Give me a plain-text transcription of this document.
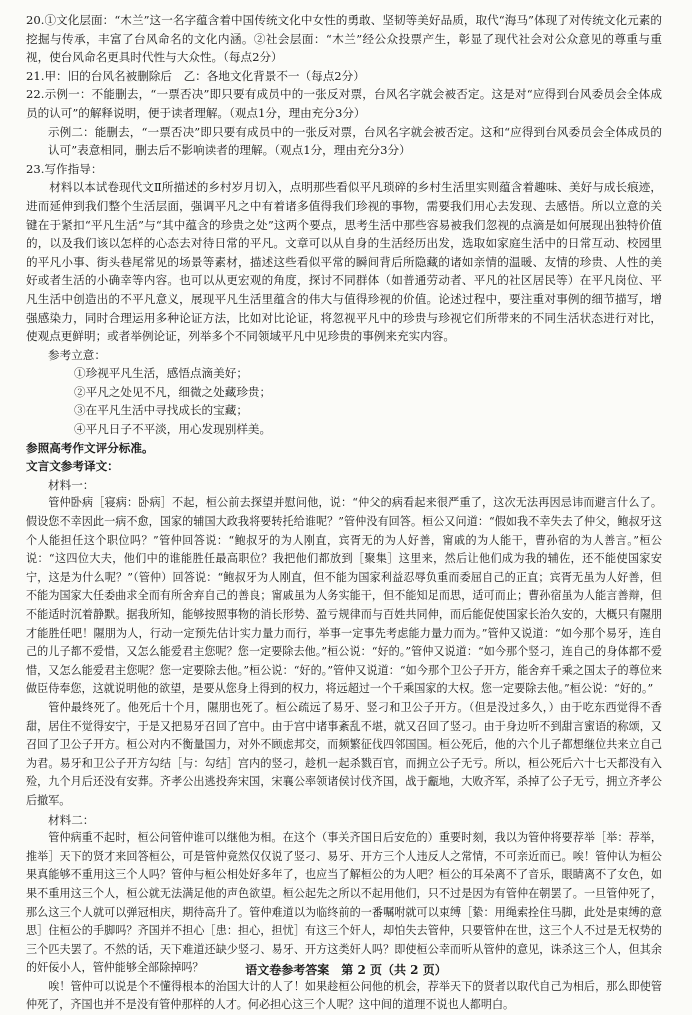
20.①文化层面：“木兰”这一名字蕴含着中国传统文化中女性的勇敢、坚韧等美好品质，取代“海马”体现了对传统文化元素的挖掘与传承，丰富了台风命名的文化内涵。②社会层面：“木兰”经公众投票产生，彰显了现代社会对公众意见的尊重与重视，使台风命名更具时代性与大众性。（每点2分）

21.甲：旧的台风名被删除后　乙：各地文化背景不一（每点2分）

22.示例一：不能删去，“一票否决”即只要有成员中的一张反对票，台风名字就会被否定。这是对“应得到台风委员会全体成员的认可”的解释说明，便于读者理解。（观点1分，理由充分3分）

示例二：能删去，“一票否决”即只要有成员中的一张反对票，台风名字就会被否定。这和“应得到台风委员会全体成员的认可”表意相同，删去后不影响读者的理解。（观点1分，理由充分3分）

23.写作指导：

材料以本试卷现代文Ⅱ所描述的乡村岁月切入，点明那些看似平凡琐碎的乡村生活里实则蕴含着趣味、美好与成长痕迹，进而延伸到我们整个生活层面，强调平凡之中有着诸多值得我们珍视的事物，需要我们用心去发现、去感悟。所以立意的关键在于紧扣“平凡生活”与“其中蕴含的珍贵之处”这两个要点，思考生活中那些容易被我们忽视的点滴是如何展现出独特价值的，以及我们该以怎样的心态去对待日常的平凡。文章可以从自身的生活经历出发，选取如家庭生活中的日常互动、校园里的平凡小事、街头巷尾常见的场景等素材，描述这些看似平常的瞬间背后所隐藏的诸如亲情的温暖、友情的珍贵、人性的美好或者生活的小确幸等内容。也可以从更宏观的角度，探讨不同群体（如普通劳动者、平凡的社区居民等）在平凡岗位、平凡生活中创造出的不平凡意义，展现平凡生活里蕴含的伟大与值得珍视的价值。论述过程中，要注重对事例的细节描写，增强感染力，同时合理运用多种论证方法，比如对比论证，将忽视平凡中的珍贵与珍视它们所带来的不同生活状态进行对比，使观点更鲜明；或者举例论证，列举多个不同领域平凡中见珍贵的事例来充实内容。

参考立意：

①珍视平凡生活，感悟点滴美好；

②平凡之处见不凡，细微之处藏珍贵；

③在平凡生活中寻找成长的宝藏；

④平凡日子不平淡，用心发现别样美。

参照高考作文评分标准。

文言文参考译文：

材料一：

管仲卧病［寝病：卧病］不起，桓公前去探望并慰问他，说：“仲父的病看起来很严重了，这次无法再因忌讳而避言什么了。假设您不幸因此一病不愈，国家的辅国大政我将要转托给谁呢？”管仲没有回答。桓公又问道：“假如我不幸失去了仲父，鲍叔牙这个人能担任这个职位吗？”管仲回答说：“鲍叔牙的为人刚直，宾胥无的为人好善，甯戚的为人能干，曹孙宿的为人善言。”桓公说：“这四位大夫，他们中的谁能胜任最高职位？我把他们都放到［聚集］这里来，然后让他们成为我的辅佐，还不能使国家安宁，这是为什么呢？”（管仲）回答说：“鲍叔牙为人刚直，但不能为国家利益忍辱负重而委屈自己的正直；宾胥无虽为人好善，但不能为国家大任委曲求全而有所舍弃自己的善良；甯戚虽为人务实能干，但不能知足而思，适可而止；曹孙宿虽为人能言善辩，但不能适时沉着静默。据我所知，能够按照事物的消长形势、盈亏规律而与百姓共同伸，而后能促使国家长治久安的，大概只有隰朋才能胜任吧！隰朋为人，行动一定预先估计实力量力而行，举事一定事先考虑能力量力而为。”管仲又说道：“如今那个易牙，连自己的儿子都不爱惜，又怎么能爱君主您呢？您一定要除去他。”桓公说：“好的。”管仲又说道：“如今那个竖刁，连自己的身体都不爱惜，又怎么能爱君主您呢？您一定要除去他。”桓公说：“好的。”管仲又说道：“如今那个卫公子开方，能舍弃千乘之国太子的尊位来做臣侍奉您，这就说明他的欲望，是要从您身上得到的权力，将远超过一个千乘国家的大权。您一定要除去他。”桓公说：“好的。”

管仲最终死了。他死后十个月，隰朋也死了。桓公疏远了易牙、竖刁和卫公子开方。（但是没过多久，）由于吃东西觉得不香甜，居住不觉得安宁，于是又把易牙召回了宫中。由于宫中诸事紊乱不堪，就又召回了竖刁。由于身边听不到甜言蜜语的称颂，又召回了卫公子开方。桓公对内不衡量国力，对外不顾虑邦交，而频繁征伐四邻国国。桓公死后，他的六个儿子都想继位共来立自己为君。易牙和卫公子开方勾结［与：勾结］宫内的竖刁，趁机一起杀戮百官，而拥立公子无亏。所以，桓公死后六十七天都没有入殓，九个月后还没有安葬。齐孝公出逃投奔宋国，宋襄公率领诸侯讨伐齐国，战于甗地，大败齐军，杀掉了公子无亏，拥立齐孝公后撤军。

材料二：

管仲病重不起时，桓公问管仲谁可以继他为相。在这个（事关齐国日后安危的）重要时刻，我以为管仲将要荐举［举：荐举，推举］天下的贤才来回答桓公，可是管仲竟然仅仅说了竖刁、易牙、开方三个人违反人之常情，不可亲近而已。唉！管仲认为桓公果真能够不重用这三个人吗？管仲与桓公相处好多年了，也应当了解桓公的为人吧？桓公的耳朵离不了音乐，眼睛离不了女色，如果不重用这三个人，桓公就无法满足他的声色欲望。桓公起先之所以不起用他们，只不过是因为有管仲在朝罢了。一旦管仲死了，那么这三个人就可以弹冠相庆，期待高升了。管仲难道以为临终前的一番嘱咐就可以束缚［絷：用绳索拴住马脚，此处是束缚的意思］住桓公的手脚吗？齐国并不担心［患：担心，担忧］有这三个奸人，却怕失去管仲，只要管仲在世，这三个人不过是无权势的三个匹夫罢了。不然的话，天下难道还缺少竖刁、易牙、开方这类奸人吗？即使桓公幸而听从管仲的意见，诛杀这三个人，但其余的奸佞小人，管仲能够全部除掉吗？

唉！管仲可以说是个不懂得根本的治国大计的人了！如果趁桓公问他的机会，荐举天下的贤者以取代自己为相后，那么即使管仲死了，齐国也并不是没有管仲那样的人才。何必担心这三个人呢？这中间的道理不说也人都明白。

语文卷参考答案　第 2 页（共 2 页）
